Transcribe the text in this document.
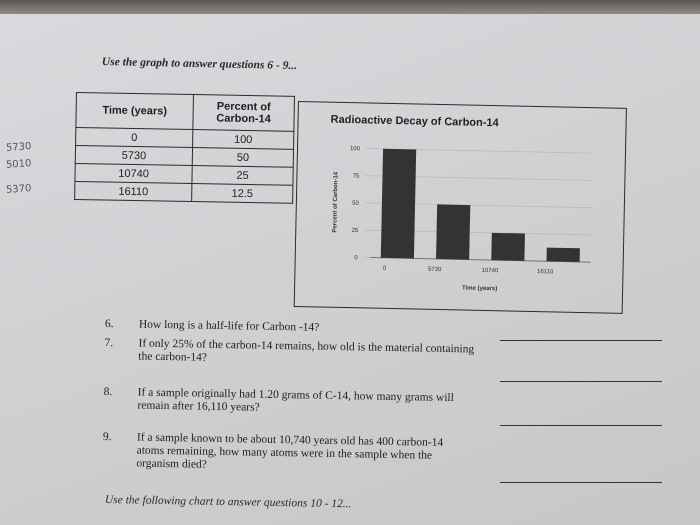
Use the graph to answer questions 6 - 9...
Time (years)	Percent of
Carbon-14
0	100
5730	50
10740	25
16110	12.5
5730
5010
5370
Radioactive Decay of Carbon-14
0
25
50
75
100
0	5730	10740	16110
Time (years)
Percent of Carbon-14
6. How long is a half-life for Carbon -14?
7. If only 25% of the carbon-14 remains, how old is the material containing the carbon-14?
8. If a sample originally had 1.20 grams of C-14, how many grams will remain after 16,110 years?
9. If a sample known to be about 10,740 years old has 400 carbon-14 atoms remaining, how many atoms were in the sample when the organism died?
Use the following chart to answer questions 10 - 12...
